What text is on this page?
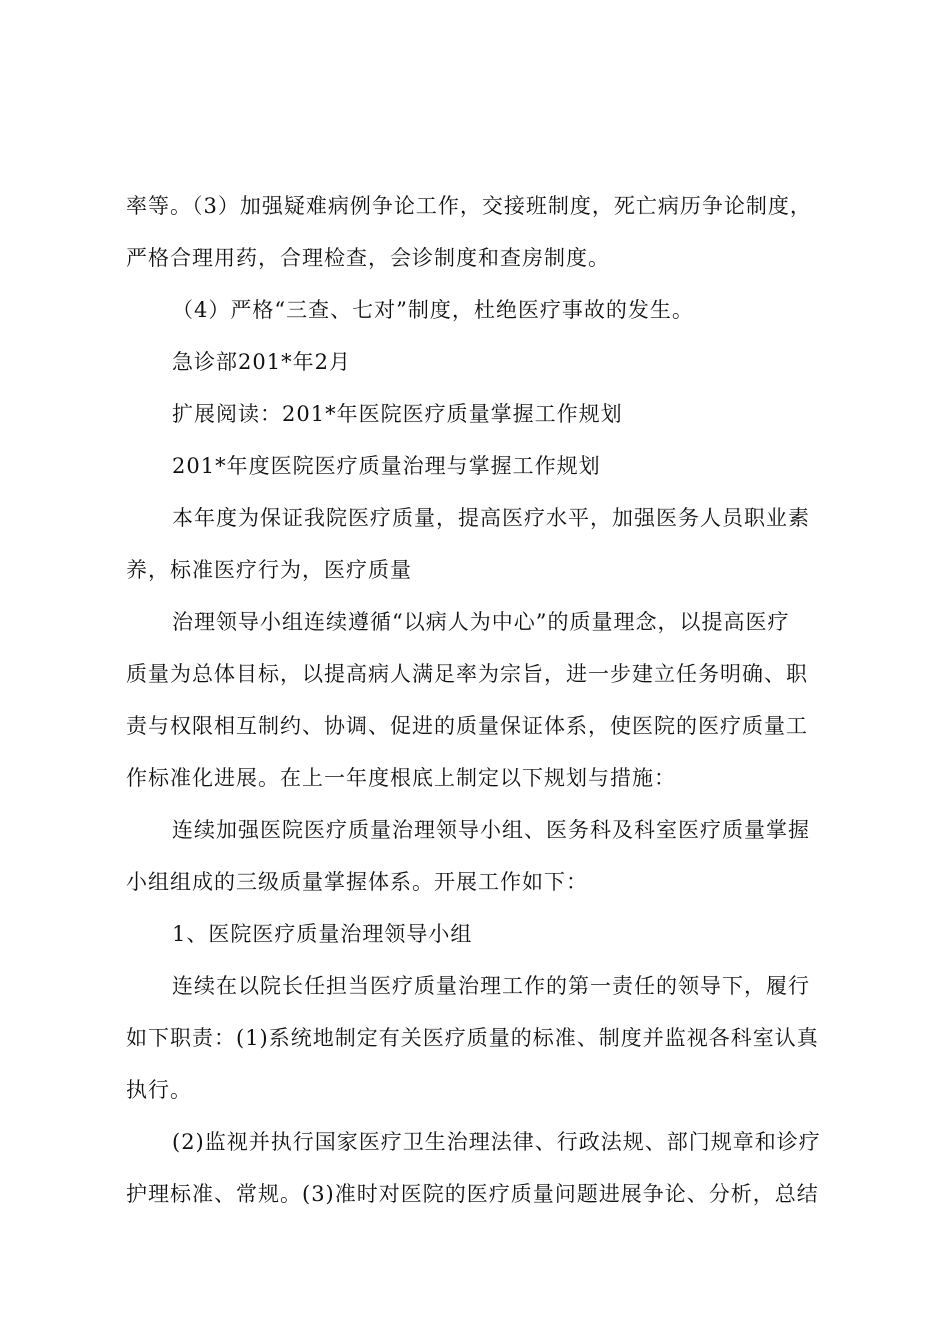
率等。（3）加强疑难病例争论工作，交接班制度，死亡病历争论制度，
严格合理用药，合理检查，会诊制度和查房制度。
（4）严格“三查、七对”制度，杜绝医疗事故的发生。
急诊部201*年2月
扩展阅读：201*年医院医疗质量掌握工作规划
201*年度医院医疗质量治理与掌握工作规划
本年度为保证我院医疗质量，提高医疗水平，加强医务人员职业素
养，标准医疗行为，医疗质量
治理领导小组连续遵循“以病人为中心”的质量理念，以提高医疗
质量为总体目标，以提高病人满足率为宗旨，进一步建立任务明确、职
责与权限相互制约、协调、促进的质量保证体系，使医院的医疗质量工
作标准化进展。在上一年度根底上制定以下规划与措施：
连续加强医院医疗质量治理领导小组、医务科及科室医疗质量掌握
小组组成的三级质量掌握体系。开展工作如下：
1、医院医疗质量治理领导小组
连续在以院长任担当医疗质量治理工作的第一责任的领导下，履行
如下职责：(1)系统地制定有关医疗质量的标准、制度并监视各科室认真
执行。
(2)监视并执行国家医疗卫生治理法律、行政法规、部门规章和诊疗
护理标准、常规。(3)准时对医院的医疗质量问题进展争论、分析，总结
